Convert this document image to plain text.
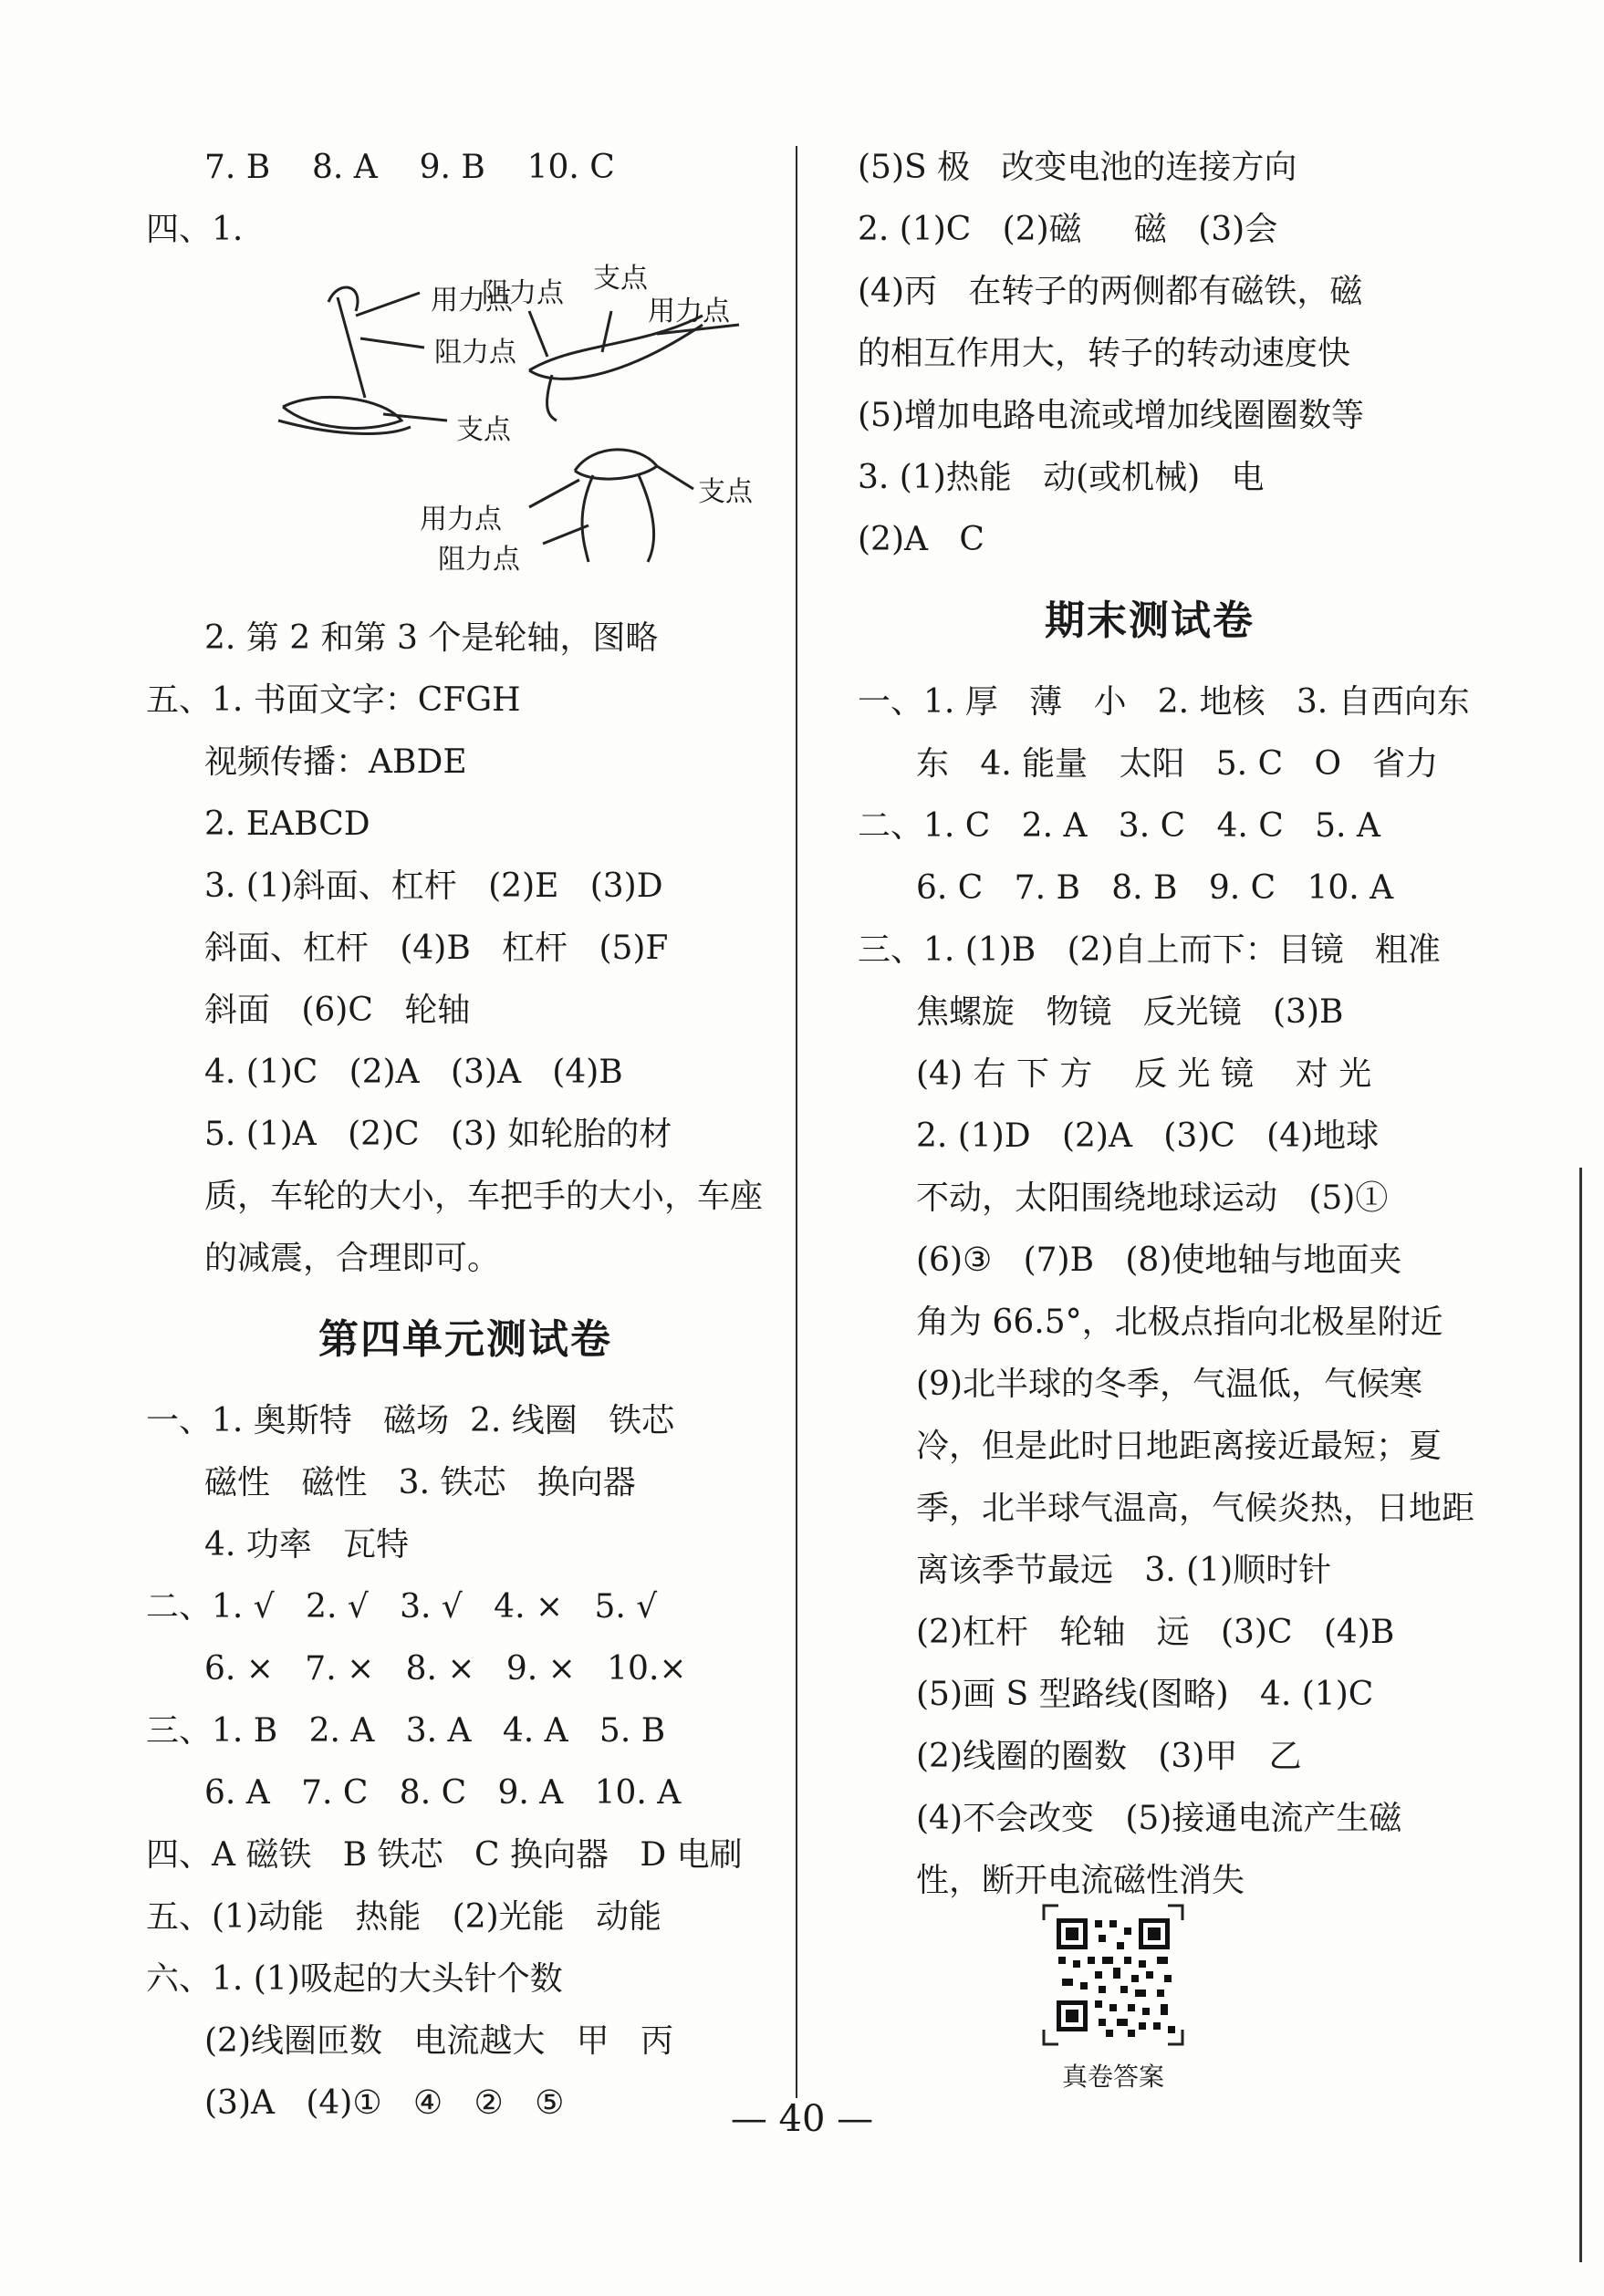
7. B    8. A    9. B    10. C
四、1.
用力点
阻力点
支点
阻力点 支点
用力点
支点
用力点
阻力点
2. 第 2 和第 3 个是轮轴，图略
五、1. 书面文字：CFGH
视频传播：ABDE
2. EABCD
3. (1)斜面、杠杆   (2)E   (3)D
斜面、杠杆   (4)B   杠杆   (5)F
斜面   (6)C   轮轴
4. (1)C   (2)A   (3)A   (4)B
5. (1)A   (2)C   (3) 如轮胎的材
质，车轮的大小，车把手的大小，车座
的减震，合理即可。
第四单元测试卷
一、1. 奥斯特   磁场  2. 线圈   铁芯
磁性   磁性   3. 铁芯   换向器
4. 功率   瓦特
二、1. √   2. √   3. √   4. ×   5. √
6. ×   7. ×   8. ×   9. ×   10.×
三、1. B   2. A   3. A   4. A   5. B
6. A   7. C   8. C   9. A   10. A
四、A 磁铁   B 铁芯   C 换向器   D 电刷
五、(1)动能   热能   (2)光能   动能
六、1. (1)吸起的大头针个数
(2)线圈匝数   电流越大   甲   丙
(3)A   (4)①   ④   ②   ⑤
(5)S 极   改变电池的连接方向
2. (1)C   (2)磁     磁   (3)会
(4)丙   在转子的两侧都有磁铁，磁
的相互作用大，转子的转动速度快
(5)增加电路电流或增加线圈圈数等
3. (1)热能   动(或机械)   电
(2)A   C
期末测试卷
一、1. 厚   薄   小   2. 地核   3. 自西向东
东   4. 能量   太阳   5. C   O   省力
二、1. C   2. A   3. C   4. C   5. A
6. C   7. B   8. B   9. C   10. A
三、1. (1)B   (2)自上而下：目镜   粗准
焦螺旋   物镜   反光镜   (3)B
(4) 右 下 方    反 光 镜    对 光
2. (1)D   (2)A   (3)C   (4)地球
不动，太阳围绕地球运动   (5)①
(6)③   (7)B   (8)使地轴与地面夹
角为 66.5°，北极点指向北极星附近
(9)北半球的冬季，气温低，气候寒
冷，但是此时日地距离接近最短；夏
季，北半球气温高，气候炎热，日地距
离该季节最远   3. (1)顺时针
(2)杠杆   轮轴   远   (3)C   (4)B
(5)画 S 型路线(图略)   4. (1)C
(2)线圈的圈数   (3)甲   乙
(4)不会改变   (5)接通电流产生磁
性，断开电流磁性消失
真卷答案
— 40 —
